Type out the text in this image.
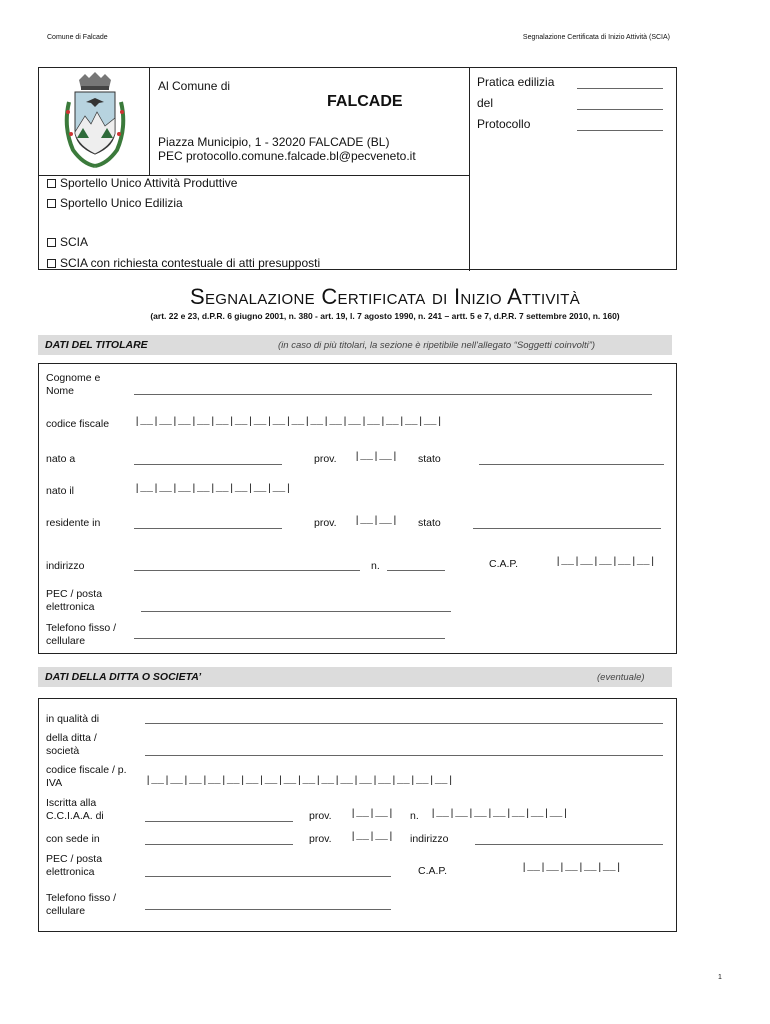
Comune di Falcade	Segnalazione Certificata di Inizio Attività (SCIA)
Al Comune di
FALCADE
Piazza Municipio, 1 - 32020 FALCADE (BL)
PEC protocollo.comune.falcade.bl@pecveneto.it
Sportello Unico Attività Produttive
Sportello Unico Edilizia
SCIA
SCIA con richiesta contestuale di atti presupposti
Pratica edilizia
del
Protocollo
Segnalazione Certificata di Inizio Attività
(art. 22 e 23, d.P.R. 6 giugno 2001, n. 380 - art. 19, l. 7 agosto 1990, n. 241 – artt. 5 e 7, d.P.R. 7 settembre 2010, n. 160)
DATI DEL TITOLARE	(in caso di più titolari, la sezione è ripetibile nell'allegato “Soggetti coinvolti”)
Cognome e Nome
codice fiscale |__|__|__|__|__|__|__|__|__|__|__|__|__|__|__|__|
nato a	prov. |__|__| stato
nato il	|__|__|__|__|__|__|__|__|
residente in	prov. |__|__| stato
indirizzo	n.	C.A.P.	|__|__|__|__|__|
PEC / posta elettronica
Telefono fisso / cellulare
DATI DELLA DITTA O SOCIETA’	(eventuale)
in qualità di
della ditta / società
codice fiscale / p. IVA	|__|__|__|__|__|__|__|__|__|__|__|__|__|__|__|__|
Iscritta alla C.C.I.A.A. di	prov. |__|__| n. |__|__|__|__|__|__|__|
con sede in	prov. |__|__| indirizzo
PEC / posta elettronica	C.A.P.	|__|__|__|__|__|
Telefono fisso / cellulare
1
